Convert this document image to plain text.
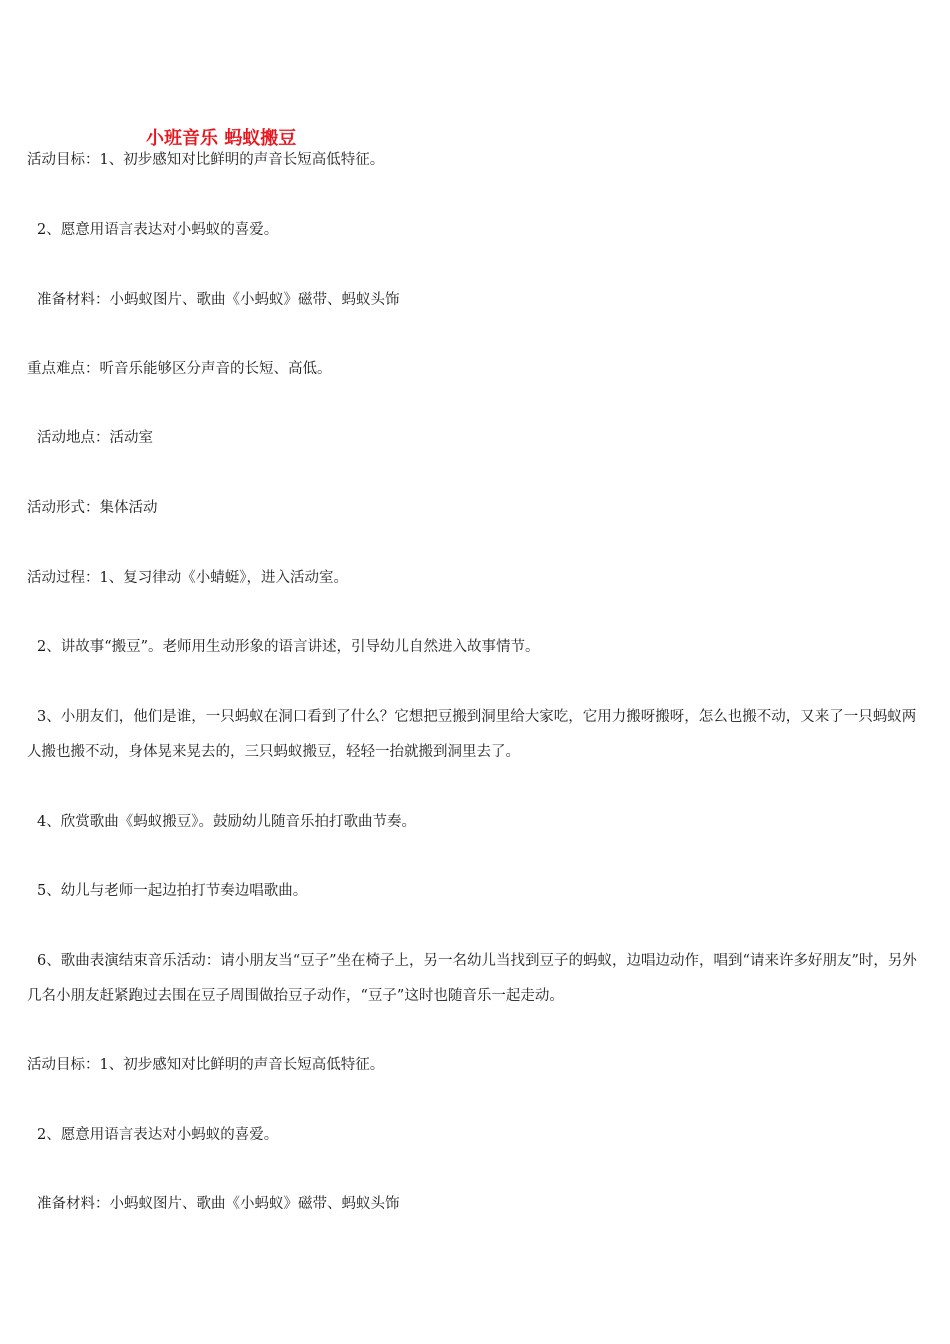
小班音乐 蚂蚁搬豆
活动目标：1、初步感知对比鲜明的声音长短高低特征。
2、愿意用语言表达对小蚂蚁的喜爱。
准备材料：小蚂蚁图片、歌曲《小蚂蚁》磁带、蚂蚁头饰
重点难点：听音乐能够区分声音的长短、高低。
活动地点：活动室
活动形式：集体活动
活动过程：1、复习律动《小蜻蜓》，进入活动室。
2、讲故事“搬豆”。老师用生动形象的语言讲述，引导幼儿自然进入故事情节。
3、小朋友们，他们是谁，一只蚂蚁在洞口看到了什么？它想把豆搬到洞里给大家吃，它用力搬呀搬呀，怎么也搬不动，又来了一只蚂蚁两人搬也搬不动，身体晃来晃去的，三只蚂蚁搬豆，轻轻一抬就搬到洞里去了。
4、欣赏歌曲《蚂蚁搬豆》。鼓励幼儿随音乐拍打歌曲节奏。
5、幼儿与老师一起边拍打节奏边唱歌曲。
6、歌曲表演结束音乐活动：请小朋友当“豆子”坐在椅子上，另一名幼儿当找到豆子的蚂蚁，边唱边动作，唱到“请来许多好朋友”时，另外几名小朋友赶紧跑过去围在豆子周围做抬豆子动作，“豆子”这时也随音乐一起走动。
活动目标：1、初步感知对比鲜明的声音长短高低特征。
2、愿意用语言表达对小蚂蚁的喜爱。
准备材料：小蚂蚁图片、歌曲《小蚂蚁》磁带、蚂蚁头饰
